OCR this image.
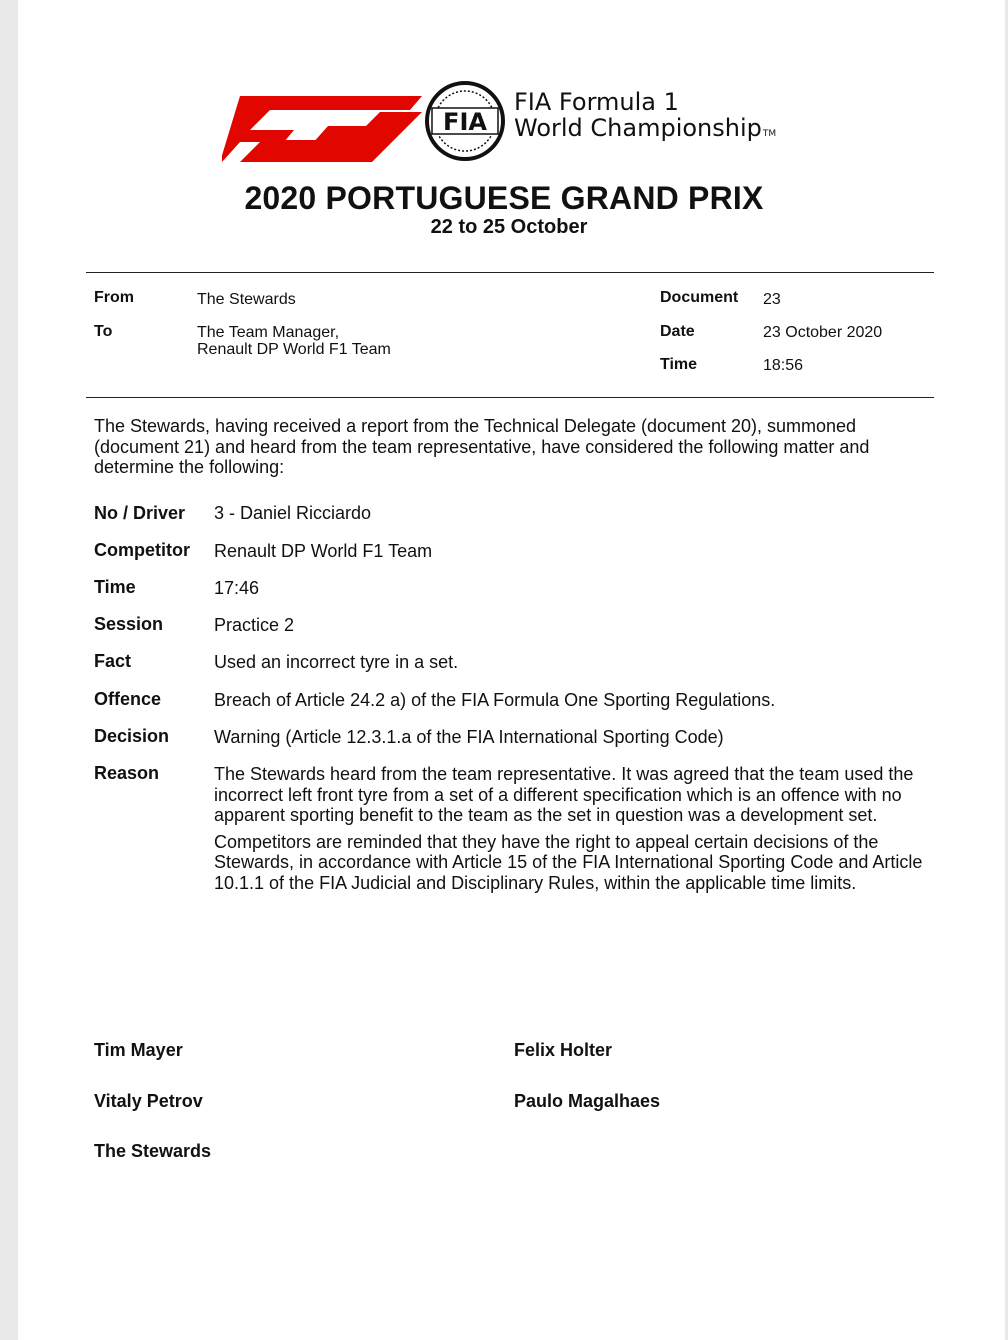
FIA
FIA Formula 1
World ChampionshipTM
2020 PORTUGUESE GRAND PRIX
22 to 25 October
From	The Stewards
To	The Team Manager,
Renault DP World F1 Team
Document 23
Date	23 October 2020
Time	18:56
The Stewards, having received a report from the Technical Delegate (document 20), summoned (document 21) and heard from the team representative, have considered the following matter and determine the following:
No / Driver 3 - Daniel Ricciardo
Competitor Renault DP World F1 Team
Time	17:46
Session	Practice 2
Fact	Used an incorrect tyre in a set.
Offence	Breach of Article 24.2 a) of the FIA Formula One Sporting Regulations.
Decision Warning (Article 12.3.1.a of the FIA International Sporting Code)
Reason	The Stewards heard from the team representative. It was agreed that the team used the incorrect left front tyre from a set of a different specification which is an offence with no apparent sporting benefit to the team as the set in question was a development set.

Competitors are reminded that they have the right to appeal certain decisions of the Stewards, in accordance with Article 15 of the FIA International Sporting Code and Article 10.1.1 of the FIA Judicial and Disciplinary Rules, within the applicable time limits.

Tim Mayer	Felix Holter
Vitaly Petrov	Paulo Magalhaes
The Stewards
